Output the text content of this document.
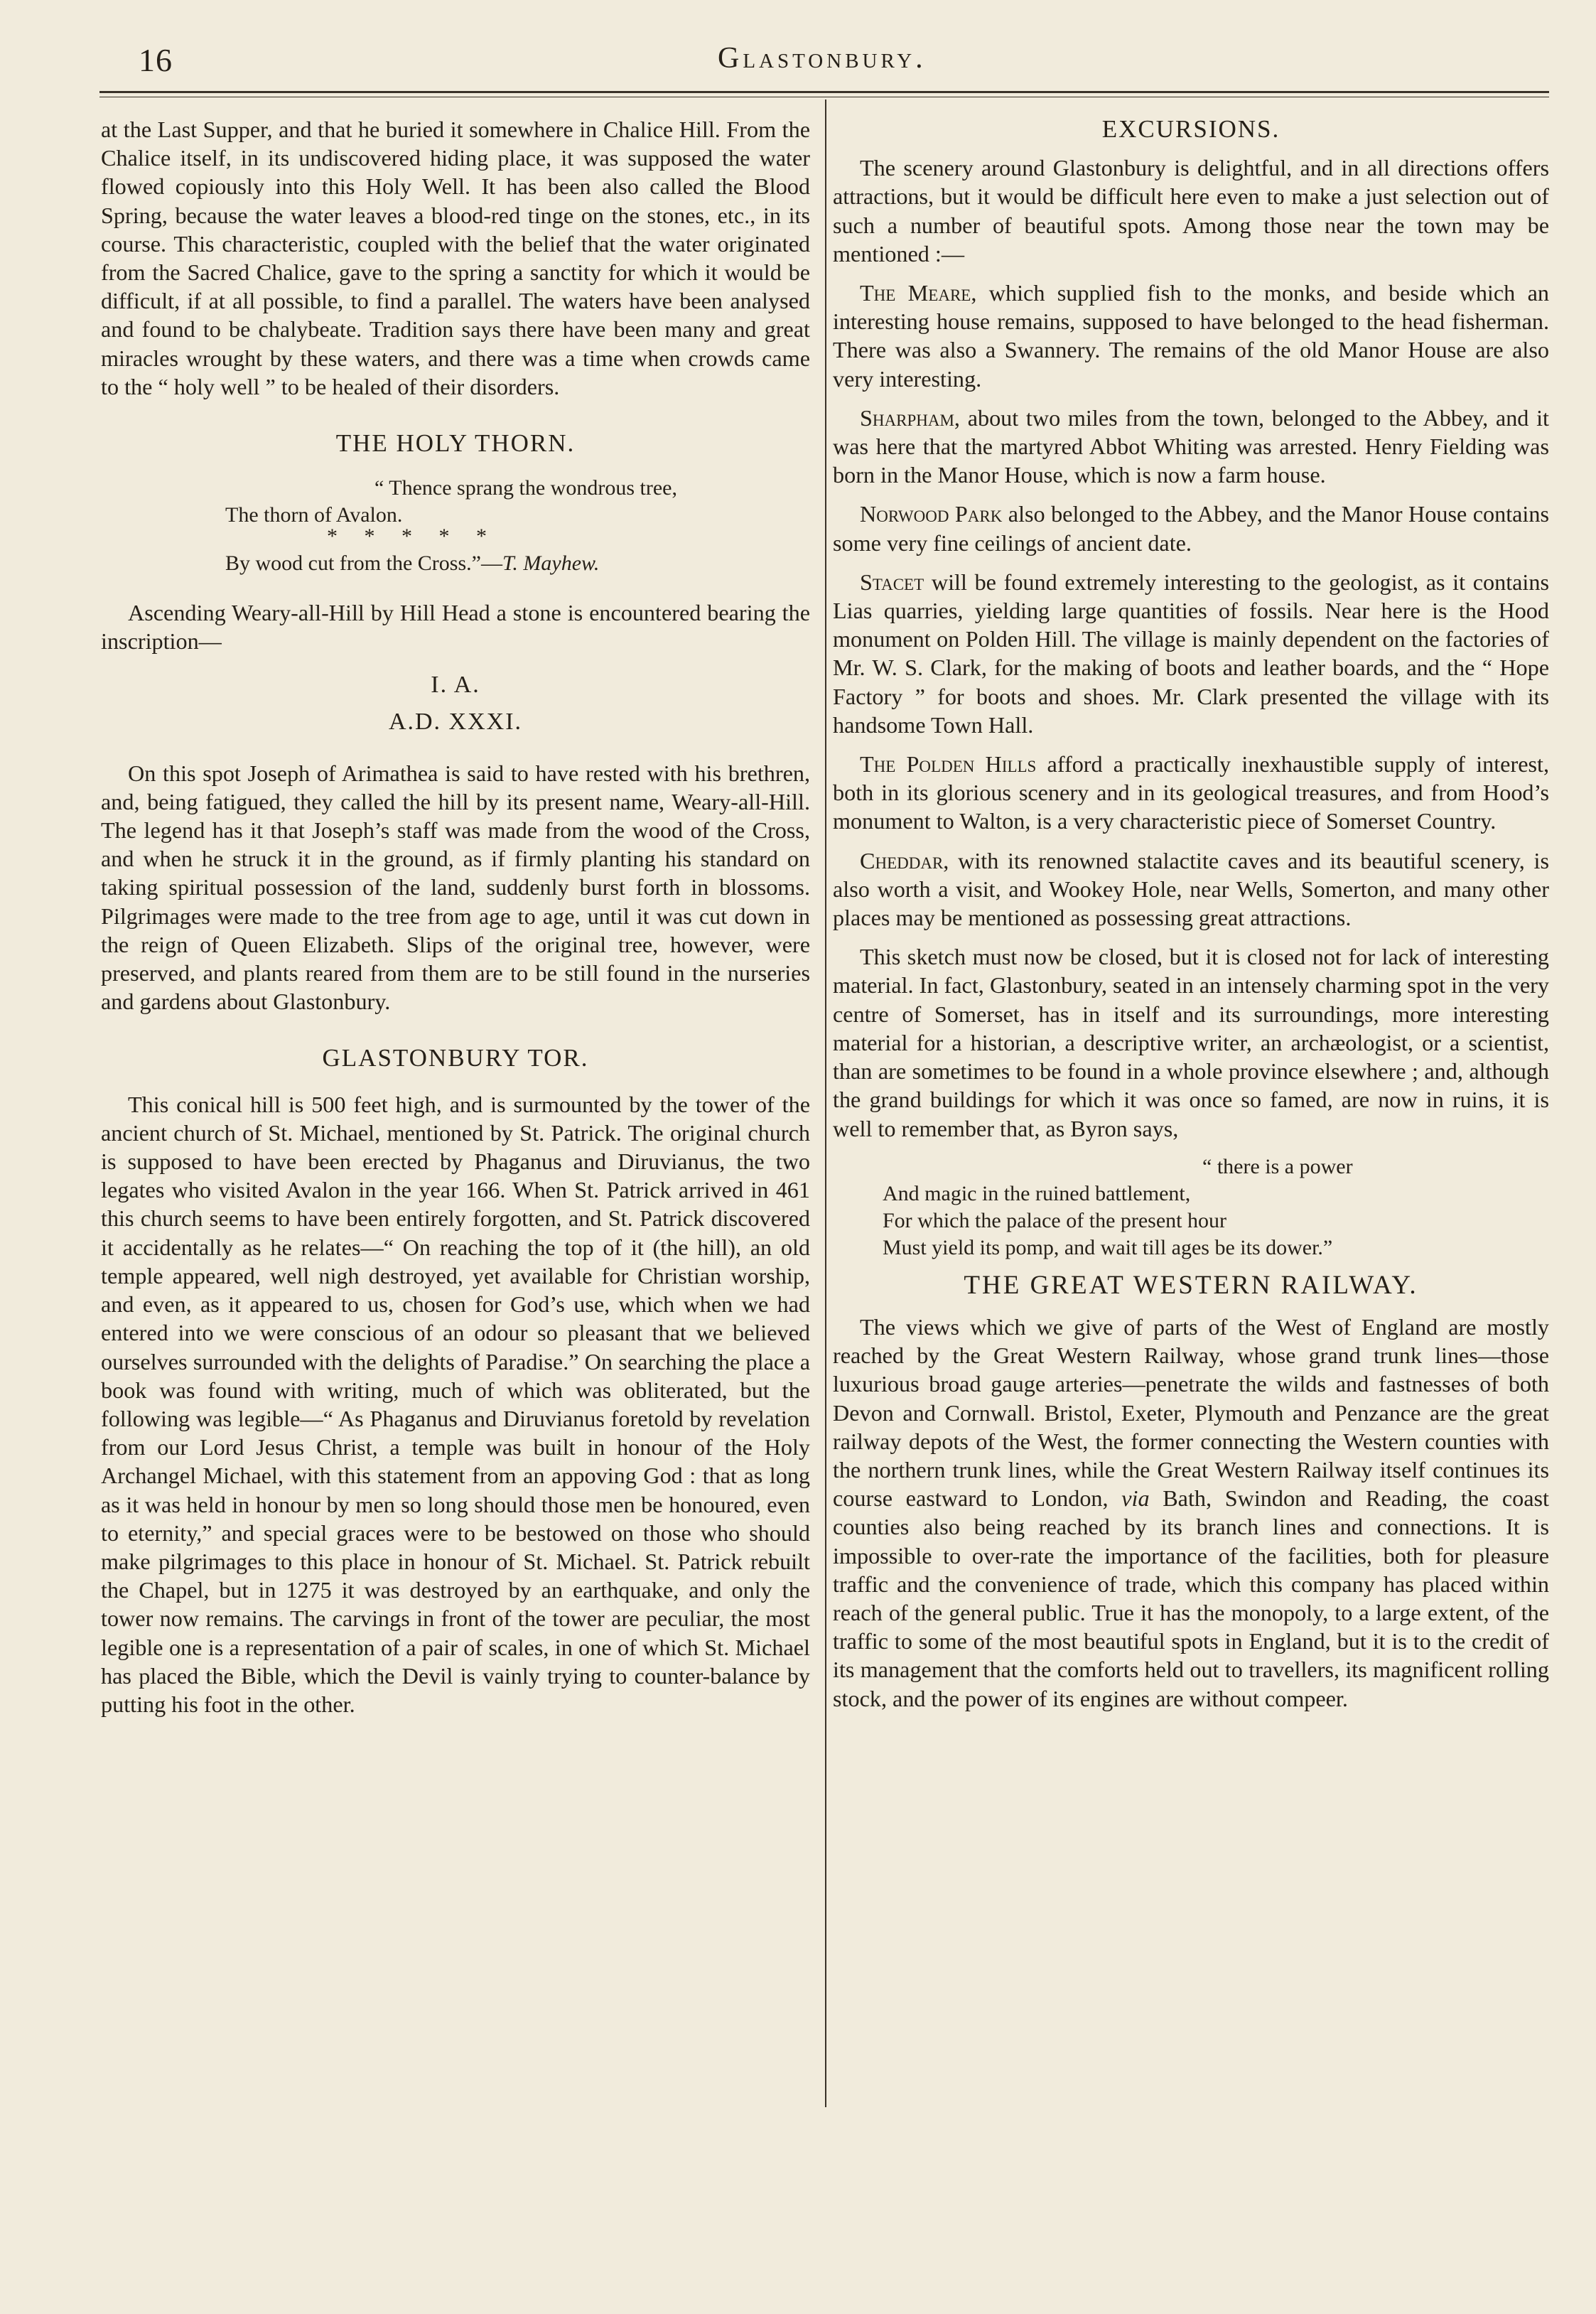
16	Glastonbury.

at the Last Supper, and that he buried it somewhere in Chalice Hill. From the Chalice itself, in its undiscovered hiding place, it was supposed the water flowed copiously into this Holy Well. It has been also called the Blood Spring, because the water leaves a blood-red tinge on the stones, etc., in its course. This characteristic, coupled with the belief that the water originated from the Sacred Chalice, gave to the spring a sanctity for which it would be difficult, if at all possible, to find a parallel. The waters have been analysed and found to be chalybeate. Tradition says there have been many and great miracles wrought by these waters, and there was a time when crowds came to the “ holy well ” to be healed of their disorders.

THE HOLY THORN.
“ Thence sprang the wondrous tree,
The thorn of Avalon.
*     *     *     *     *
By wood cut from the Cross.”—T. Mayhew.

Ascending Weary-all-Hill by Hill Head a stone is encountered bearing the inscription—

I. A.
A.D. XXXI.

On this spot Joseph of Arimathea is said to have rested with his brethren, and, being fatigued, they called the hill by its present name, Weary-all-Hill. The legend has it that Joseph’s staff was made from the wood of the Cross, and when he struck it in the ground, as if firmly planting his standard on taking spiritual possession of the land, suddenly burst forth in blossoms. Pilgrimages were made to the tree from age to age, until it was cut down in the reign of Queen Elizabeth. Slips of the original tree, however, were preserved, and plants reared from them are to be still found in the nurseries and gardens about Glastonbury.

GLASTONBURY TOR.

This conical hill is 500 feet high, and is surmounted by the tower of the ancient church of St. Michael, mentioned by St. Patrick. The original church is supposed to have been erected by Phaganus and Diruvianus, the two legates who visited Avalon in the year 166. When St. Patrick arrived in 461 this church seems to have been entirely forgotten, and St. Patrick discovered it accidentally as he relates—“ On reaching the top of it (the hill), an old temple appeared, well nigh destroyed, yet available for Christian worship, and even, as it appeared to us, chosen for God’s use, which when we had entered into we were conscious of an odour so pleasant that we believed ourselves surrounded with the delights of Paradise.” On searching the place a book was found with writing, much of which was obliterated, but the following was legible—“ As Phaganus and Diruvianus foretold by revelation from our Lord Jesus Christ, a temple was built in honour of the Holy Archangel Michael, with this statement from an appoving God : that as long as it was held in honour by men so long should those men be honoured, even to eternity,” and special graces were to be bestowed on those who should make pilgrimages to this place in honour of St. Michael. St. Patrick rebuilt the Chapel, but in 1275 it was destroyed by an earthquake, and only the tower now remains. The carvings in front of the tower are peculiar, the most legible one is a representation of a pair of scales, in one of which St. Michael has placed the Bible, which the Devil is vainly trying to counter-balance by putting his foot in the other.

EXCURSIONS.

The scenery around Glastonbury is delightful, and in all directions offers attractions, but it would be difficult here even to make a just selection out of such a number of beautiful spots. Among those near the town may be mentioned :—

The Meare, which supplied fish to the monks, and beside which an interesting house remains, supposed to have belonged to the head fisherman. There was also a Swannery. The remains of the old Manor House are also very interesting.

Sharpham, about two miles from the town, belonged to the Abbey, and it was here that the martyred Abbot Whiting was arrested. Henry Fielding was born in the Manor House, which is now a farm house.

Norwood Park also belonged to the Abbey, and the Manor House contains some very fine ceilings of ancient date.

Stacet will be found extremely interesting to the geologist, as it contains Lias quarries, yielding large quantities of fossils. Near here is the Hood monument on Polden Hill. The village is mainly dependent on the factories of Mr. W. S. Clark, for the making of boots and leather boards, and the “ Hope Factory ” for boots and shoes. Mr. Clark presented the village with its handsome Town Hall.

The Polden Hills afford a practically inexhaustible supply of interest, both in its glorious scenery and in its geological treasures, and from Hood’s monument to Walton, is a very characteristic piece of Somerset Country.

Cheddar, with its renowned stalactite caves and its beautiful scenery, is also worth a visit, and Wookey Hole, near Wells, Somerton, and many other places may be mentioned as possessing great attractions.

This sketch must now be closed, but it is closed not for lack of interesting material. In fact, Glastonbury, seated in an intensely charming spot in the very centre of Somerset, has in itself and its surroundings, more interesting material for a historian, a descriptive writer, an archæologist, or a scientist, than are sometimes to be found in a whole province elsewhere ; and, although the grand buildings for which it was once so famed, are now in ruins, it is well to remember that, as Byron says,

“ there is a power
And magic in the ruined battlement,
For which the palace of the present hour
Must yield its pomp, and wait till ages be its dower.”
THE GREAT WESTERN RAILWAY.

The views which we give of parts of the West of England are mostly reached by the Great Western Railway, whose grand trunk lines—those luxurious broad gauge arteries—penetrate the wilds and fastnesses of both Devon and Cornwall. Bristol, Exeter, Plymouth and Penzance are the great railway depots of the West, the former connecting the Western counties with the northern trunk lines, while the Great Western Railway itself continues its course eastward to London, via Bath, Swindon and Reading, the coast counties also being reached by its branch lines and connections. It is impossible to over-rate the importance of the facilities, both for pleasure traffic and the convenience of trade, which this company has placed within reach of the general public. True it has the monopoly, to a large extent, of the traffic to some of the most beautiful spots in England, but it is to the credit of its management that the comforts held out to travellers, its magnificent rolling stock, and the power of its engines are without compeer.
